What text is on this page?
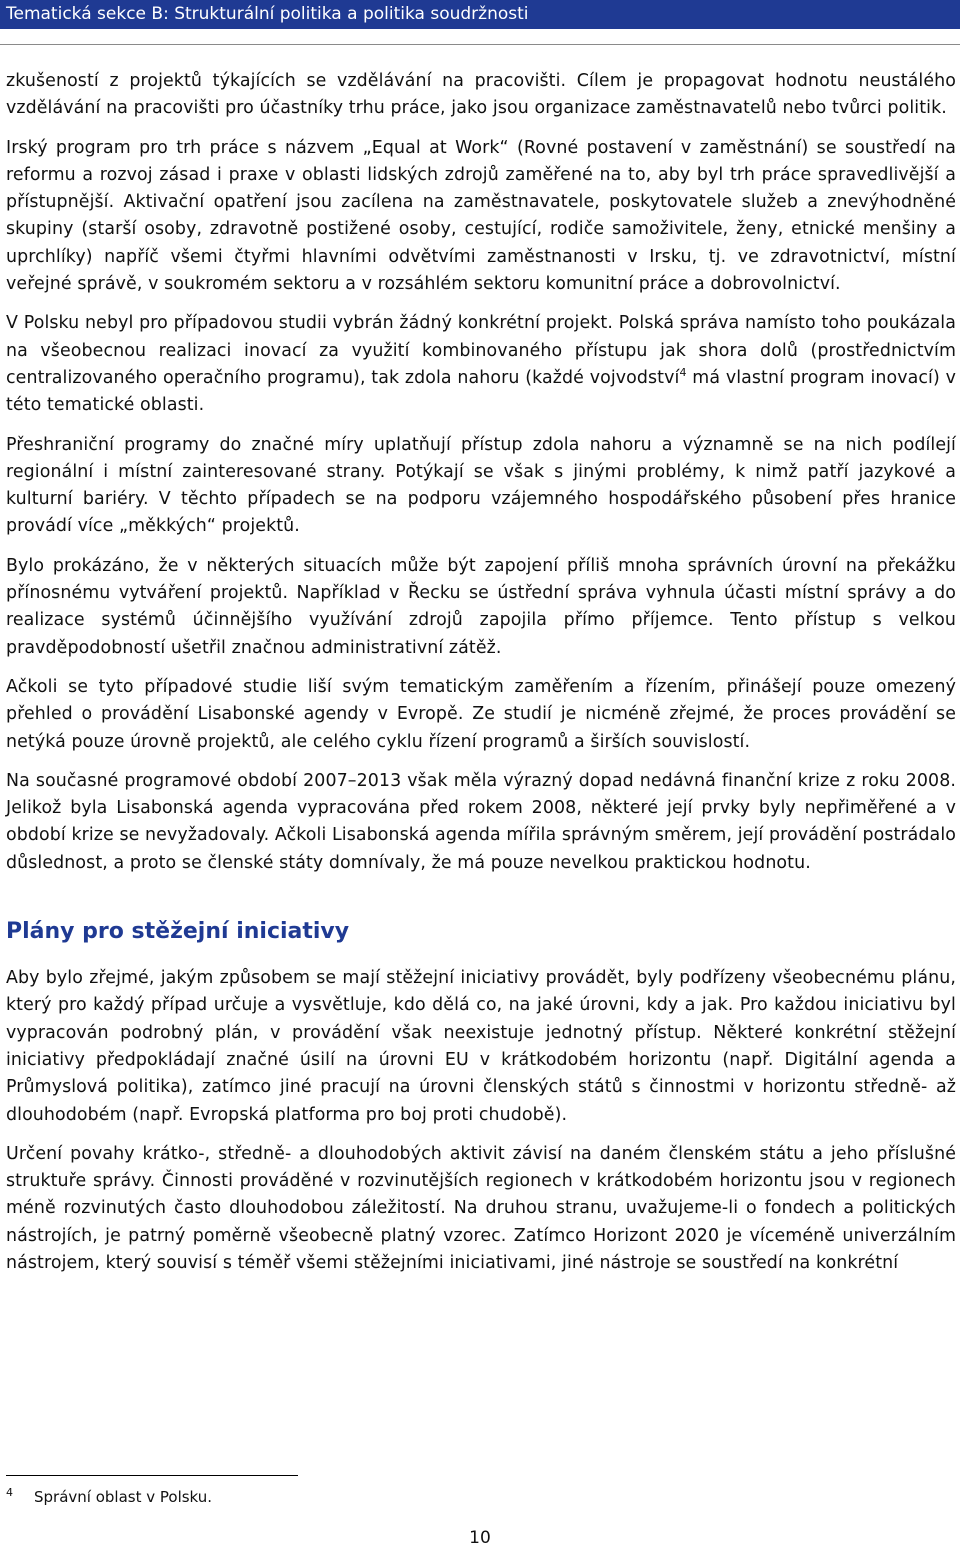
Tematická sekce B: Strukturální politika a politika soudržnosti

zkušeností z projektů týkajících se vzdělávání na pracovišti. Cílem je propagovat hodnotu neustálého vzdělávání na pracovišti pro účastníky trhu práce, jako jsou organizace zaměstnavatelů nebo tvůrci politik.

Irský program pro trh práce s názvem „Equal at Work“ (Rovné postavení v zaměstnání) se soustředí na reformu a rozvoj zásad i praxe v oblasti lidských zdrojů zaměřené na to, aby byl trh práce spravedlivější a přístupnější. Aktivační opatření jsou zacílena na zaměstnavatele, poskytovatele služeb a znevýhodněné skupiny (starší osoby, zdravotně postižené osoby, cestující, rodiče samoživitele, ženy, etnické menšiny a uprchlíky) napříč všemi čtyřmi hlavními odvětvími zaměstnanosti v Irsku, tj. ve zdravotnictví, místní veřejné správě, v soukromém sektoru a v rozsáhlém sektoru komunitní práce a dobrovolnictví.

V Polsku nebyl pro případovou studii vybrán žádný konkrétní projekt. Polská správa namísto toho poukázala na všeobecnou realizaci inovací za využití kombinovaného přístupu jak shora dolů (prostřednictvím centralizovaného operačního programu), tak zdola nahoru (každé vojvodství$^4$ má vlastní program inovací) v této tematické oblasti.

Přeshraniční programy do značné míry uplatňují přístup zdola nahoru a významně se na nich podílejí regionální i místní zainteresované strany. Potýkají se však s jinými problémy, k nimž patří jazykové a kulturní bariéry. V těchto případech se na podporu vzájemného hospodářského působení přes hranice provádí více „měkkých“ projektů.

Bylo prokázáno, že v některých situacích může být zapojení příliš mnoha správních úrovní na překážku přínosnému vytváření projektů. Například v Řecku se ústřední správa vyhnula účasti místní správy a do realizace systémů účinnějšího využívání zdrojů zapojila přímo příjemce. Tento přístup s velkou pravděpodobností ušetřil značnou administrativní zátěž.

Ačkoli se tyto případové studie liší svým tematickým zaměřením a řízením, přinášejí pouze omezený přehled o provádění Lisabonské agendy v Evropě. Ze studií je nicméně zřejmé, že proces provádění se netýká pouze úrovně projektů, ale celého cyklu řízení programů a širších souvislostí.

Na současné programové období 2007–2013 však měla výrazný dopad nedávná finanční krize z roku 2008. Jelikož byla Lisabonská agenda vypracována před rokem 2008, některé její prvky byly nepřiměřené a v období krize se nevyžadovaly. Ačkoli Lisabonská agenda mířila správným směrem, její provádění postrádalo důslednost, a proto se členské státy domnívaly, že má pouze nevelkou praktickou hodnotu.

Plány pro stěžejní iniciativy

Aby bylo zřejmé, jakým způsobem se mají stěžejní iniciativy provádět, byly podřízeny všeobecnému plánu, který pro každý případ určuje a vysvětluje, kdo dělá co, na jaké úrovni, kdy a jak. Pro každou iniciativu byl vypracován podrobný plán, v provádění však neexistuje jednotný přístup. Některé konkrétní stěžejní iniciativy předpokládají značné úsilí na úrovni EU v krátkodobém horizontu (např. Digitální agenda a Průmyslová politika), zatímco jiné pracují na úrovni členských států s činnostmi v horizontu středně- až dlouhodobém (např. Evropská platforma pro boj proti chudobě).

Určení povahy krátko-, středně- a dlouhodobých aktivit závisí na daném členském státu a jeho příslušné struktuře správy. Činnosti prováděné v rozvinutějších regionech v krátkodobém horizontu jsou v regionech méně rozvinutých často dlouhodobou záležitostí. Na druhou stranu, uvažujeme-li o fondech a politických nástrojích, je patrný poměrně všeobecně platný vzorec. Zatímco Horizont 2020 je víceméně univerzálním nástrojem, který souvisí s téměř všemi stěžejními iniciativami, jiné nástroje se soustředí na konkrétní

4 Správní oblast v Polsku.
10
